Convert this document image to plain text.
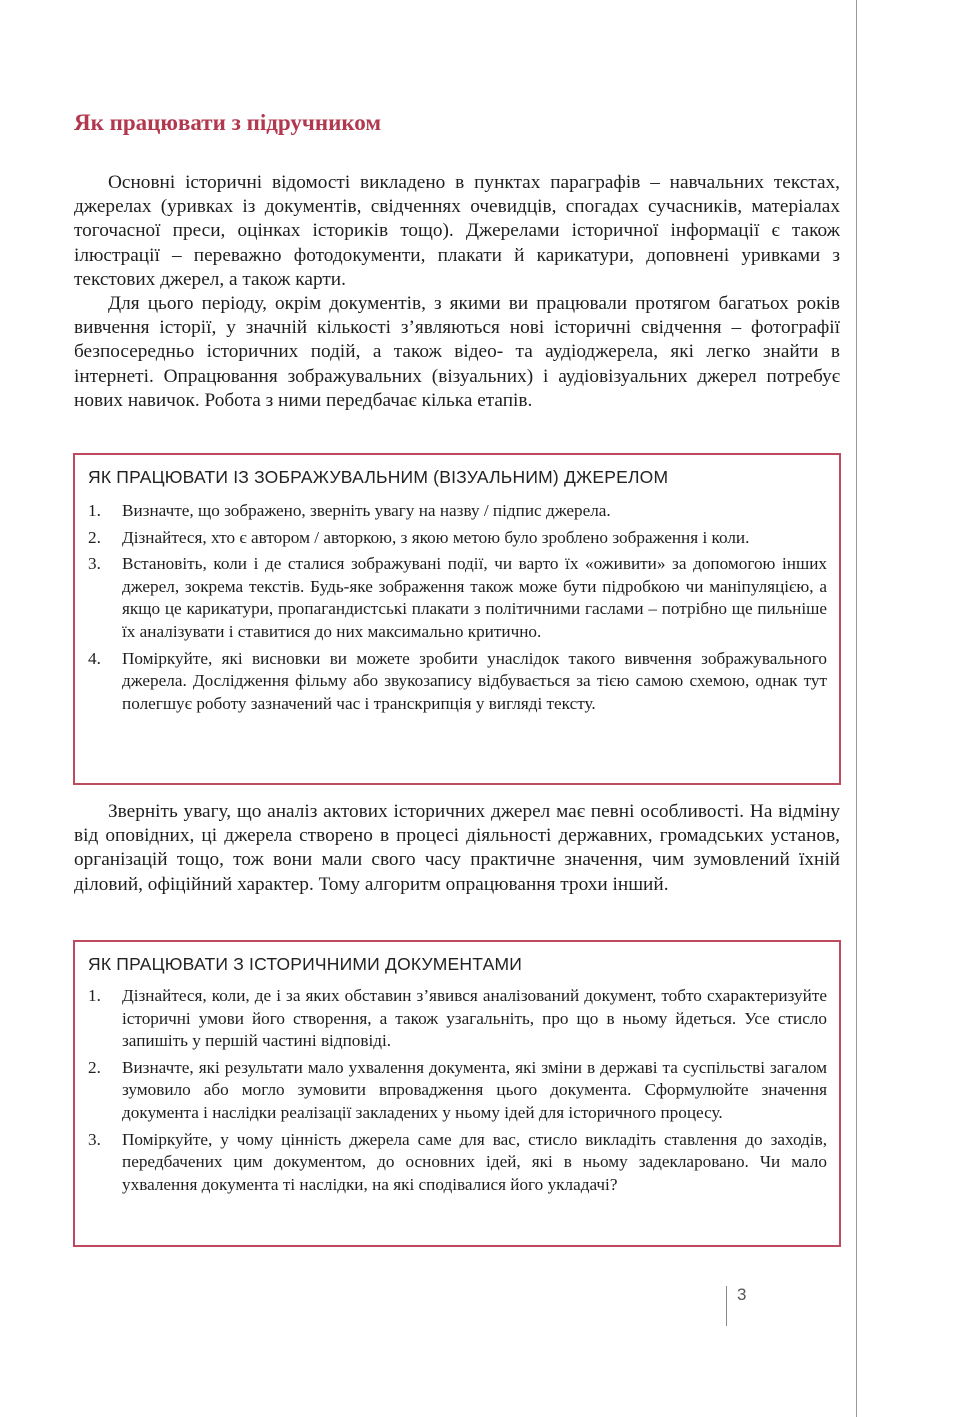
Як працювати з підручником

Основні історичні відомості викладено в пунктах параграфів – навчальних текстах, джерелах (уривках із документів, свідченнях очевидців, спогадах сучасників, матеріалах тогочасної преси, оцінках істориків тощо). Джерелами історичної інформації є також ілюстрації – переважно фотодокументи, плакати й карикатури, доповнені уривками з текстових джерел, а також карти.

Для цього періоду, окрім документів, з якими ви працювали протягом багатьох років вивчення історії, у значній кількості з’являються нові історичні свідчення – фотографії безпосередньо історичних подій, а також відео- та аудіоджерела, які легко знайти в інтернеті. Опрацювання зображувальних (візуальних) і аудіовізуальних джерел потребує нових навичок. Робота з ними передбачає кілька етапів.

ЯК ПРАЦЮВАТИ ІЗ ЗОБРАЖУВАЛЬНИМ (ВІЗУАЛЬНИМ) ДЖЕРЕЛОМ
1. Визначте, що зображено, зверніть увагу на назву / підпис джерела.
2. Дізнайтеся, хто є автором / авторкою, з якою метою було зроблено зображення і коли.
3. Встановіть, коли і де сталися зображувані події, чи варто їх «оживити» за допомогою інших джерел, зокрема текстів. Будь-яке зображення також може бути підробкою чи маніпуляцією, а якщо це карикатури, пропагандистські плакати з політичними гаслами – потрібно ще пильніше їх аналізувати і ставитися до них максимально критично.
4. Поміркуйте, які висновки ви можете зробити унаслідок такого вивчення зображувального джерела. Дослідження фільму або звукозапису відбувається за тією самою схемою, однак тут полегшує роботу зазначений час і транскрипція у вигляді тексту.

Зверніть увагу, що аналіз актових історичних джерел має певні особливості. На відміну від оповідних, ці джерела створено в процесі діяльності державних, громадських установ, організацій тощо, тож вони мали свого часу практичне значення, чим зумовлений їхній діловий, офіційний характер. Тому алгоритм опрацювання трохи інший.

ЯК ПРАЦЮВАТИ З ІСТОРИЧНИМИ ДОКУМЕНТАМИ
1. Дізнайтеся, коли, де і за яких обставин з’явився аналізований документ, тобто схарактеризуйте історичні умови його створення, а також узагальніть, про що в ньому йдеться. Усе стисло запишіть у першій частині відповіді.
2. Визначте, які результати мало ухвалення документа, які зміни в державі та суспільстві загалом зумовило або могло зумовити впровадження цього документа. Сформулюйте значення документа і наслідки реалізації закладених у ньому ідей для історичного процесу.
3. Поміркуйте, у чому цінність джерела саме для вас, стисло викладіть ставлення до заходів, передбачених цим документом, до основних ідей, які в ньому задекларовано. Чи мало ухвалення документа ті наслідки, на які сподівалися його укладачі?
3
